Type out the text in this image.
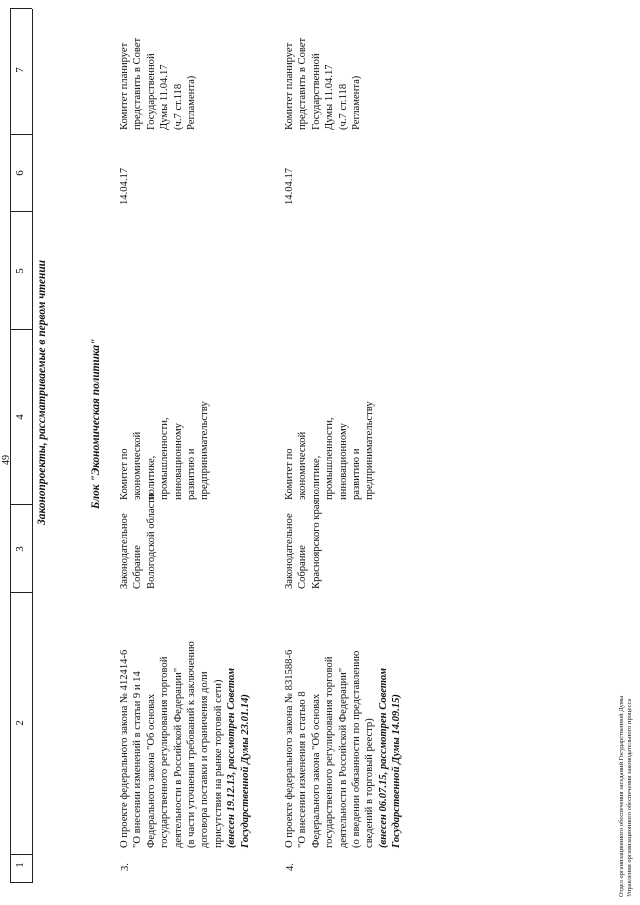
49
1
2
3
4
5
6
7
Законопроекты, рассматриваемые в первом чтении	Блок "Экономическая политика"
3.
О проекте федерального закона № 412414-6 "О внесении изменений в статьи 9 и 14 Федерального закона "Об основах государственного регулирования торговой деятельности в Российской Федерации" (в части уточнения требований к заключению договора поставки и ограничения доли присутствия на рынке торговой сети) (внесен 19.12.13, рассмотрен Советом Государственной Думы 23.01.14)
Законодательное Собрание Вологодской области
Комитет по экономической политике, промышленности, инновационному развитию и предпринимательству
14.04.17
Комитет планирует представить в Совет Государственной Думы 11.04.17 (ч.7 ст.118 Регламента)
4.
О проекте федерального закона № 831588-6 "О внесении изменения в статью 8 Федерального закона "Об основах государственного регулирования торговой деятельности в Российской Федерации" (о введении обязанности по представлению сведений в торговый реестр) (внесен 06.07.15, рассмотрен Советом Государственной Думы 14.09.15)
Законодательное Собрание Красноярского края
Комитет по экономической политике, промышленности, инновационному развитию и предпринимательству
14.04.17
Комитет планирует представить в Совет Государственной Думы 11.04.17 (ч.7 ст.118 Регламента)
Отдел организационного обеспечения заседаний Государственной Думы Управления организационного обеспечения законодательного процесса
